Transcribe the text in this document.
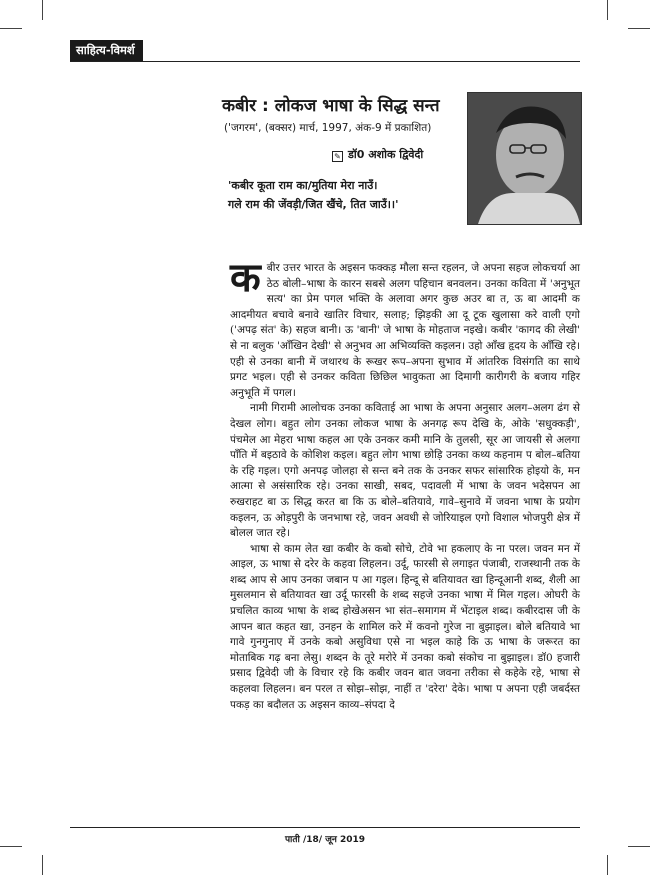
साहित्य-विमर्श
कबीर : लोकज भाषा के सिद्ध सन्त
('जगरम', (बक्सर) मार्च, 1997, अंक-9 में प्रकाशित)
✎ डॉ0 अशोक द्विवेदी
'कबीर कूता राम का/मुतिया मेरा नाउँ।
गले राम की जेंवड़ी/जित खैंचे, तित जाउँ।।'

कबीर उत्तर भारत के अइसन फक्कड़ मौला सन्त रहलन, जे अपना सहज लोकचर्या आ ठेठ बोली–भाषा के कारन सबसे अलग पहिचान बनवलन। उनका कविता में 'अनुभूत सत्य' का प्रेम पगल भक्ति के अलावा अगर कुछ अउर बा त, ऊ बा आदमी क आदमीयत बचावे बनावे खातिर विचार, सलाह; झिड़की आ दू टूक खुलासा करे वाली एगो ('अपढ़ संत' के) सहज बानी। ऊ 'बानी' जे भाषा के मोहताज नइखे। कबीर 'कागद की लेखी' से ना बलुक 'आँखिन देखी' से अनुभव आ अभिव्यक्ति कइलन। उहो आँख हृदय के आँखि रहे। एही से उनका बानी में जथारथ के रूखर रूप–अपना सुभाव में आंतरिक विसंगति का साथे प्रगट भइल। एही से उनकर कविता छिछिल भावुकता आ दिमागी कारीगरी के बजाय गहिर अनुभूति में पगल।

नामी गिरामी आलोचक उनका कविताई आ भाषा के अपना अनुसार अलग–अलग ढंग से देखल लोग। बहुत लोग उनका लोकज भाषा के अनगढ़ रूप देखि के, ओके 'सधुक्कड़ी', पंचमेल आ मेहरा भाषा कहल आ एके उनकर कमी मानि के तुलसी, सूर आ जायसी से अलगा पाँति में बइठावे के कोशिश कइल। बहुत लोग भाषा छोड़ि उनका कथ्य कहनाम प बोल–बतिया के रहि गइल। एगो अनपढ़ जोलहा से सन्त बने तक के उनकर सफर सांसारिक होइयो के, मन आत्मा से असंसारिक रहे। उनका साखी, सबद, पदावली में भाषा के जवन भदेसपन आ रुखराहट बा ऊ सिद्ध करत बा कि ऊ बोले–बतियावे, गावे–सुनावे में जवना भाषा के प्रयोग कइलन, ऊ ओड़पुरी के जनभाषा रहे, जवन अवधी से जोरियाइल एगो विशाल भोजपुरी क्षेत्र में बोलल जात रहे।

भाषा से काम लेत खा कबीर के कबो सोचे, टोवे भा हकलाए के ना परल। जवन मन में आइल, ऊ भाषा से दरेर के कहवा लिहलन। उर्दू, फारसी से लगाइत पंजाबी, राजस्थानी तक के शब्द आप से आप उनका जबान प आ गइल। हिन्दू से बतियावत खा हिन्दूआनी शब्द, शैली आ मुसलमान से बतियावत खा उर्दू फारसी के शब्द सहजे उनका भाषा में मिल गइल। ओघरी के प्रचलित काव्य भाषा के शब्द होखेअसन भा संत–समागम में भेंटाइल शब्द। कबीरदास जी के आपन बात कहत खा, उनहन के शामिल करे में कवनो गुरेज ना बुझाइल। बोले बतियावे भा गावे गुनगुनाए में उनके कबो असुविधा एसे ना भइल काहे कि ऊ भाषा के जरूरत का मोताबिक गढ़ बना लेसु। शब्दन के तूरे मरोरे में उनका कबो संकोच ना बुझाइल। डॉ0 हजारी प्रसाद द्विवेदी जी के विचार रहे कि कबीर जवन बात जवना तरीका से कहेके रहे, भाषा से कहलवा लिहलन। बन परल त सोझ–सोझ, नाहीं त 'दरेरा' देके। भाषा प अपना एही जबर्दस्त पकड़ का बदौलत ऊ अइसन काव्य–संपदा दे

पाती /18/ जून 2019
